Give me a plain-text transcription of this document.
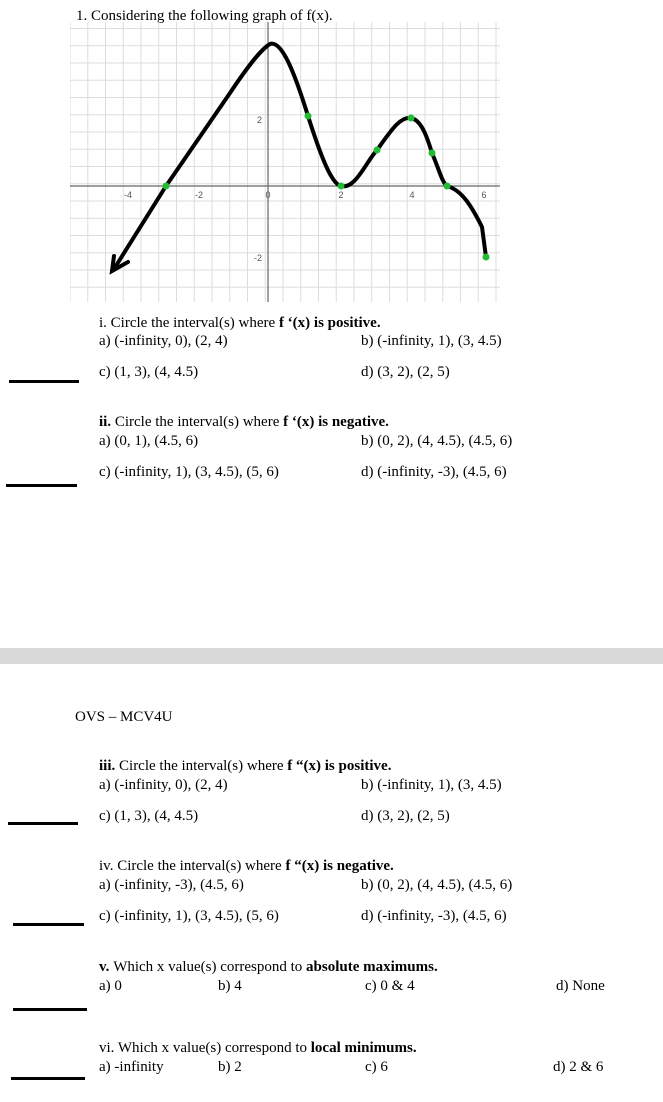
1. Considering the following graph of f(x).
-4	-2	0	2	4	6
2
-2
i. Circle the interval(s) where f ‘(x) is positive.
a) (-infinity, 0), (2, 4)	b) (-infinity, 1), (3, 4.5)
c) (1, 3), (4, 4.5)	d) (3, 2), (2, 5)
ii. Circle the interval(s) where f ‘(x) is negative.
a) (0, 1), (4.5, 6)	b) (0, 2), (4, 4.5), (4.5, 6)
c) (-infinity, 1), (3, 4.5), (5, 6)	d) (-infinity, -3), (4.5, 6)
OVS – MCV4U
iii. Circle the interval(s) where f “(x) is positive.
a) (-infinity, 0), (2, 4)	b) (-infinity, 1), (3, 4.5)
c) (1, 3), (4, 4.5)	d) (3, 2), (2, 5)
iv. Circle the interval(s) where f “(x) is negative.
a) (-infinity, -3), (4.5, 6)	b) (0, 2), (4, 4.5), (4.5, 6)
c) (-infinity, 1), (3, 4.5), (5, 6)	d) (-infinity, -3), (4.5, 6)
v. Which x value(s) correspond to absolute maximums.
a) 0	b) 4	c) 0 & 4	d) None
vi. Which x value(s) correspond to local minimums.
a) -infinity	b) 2	c) 6	d) 2 & 6
